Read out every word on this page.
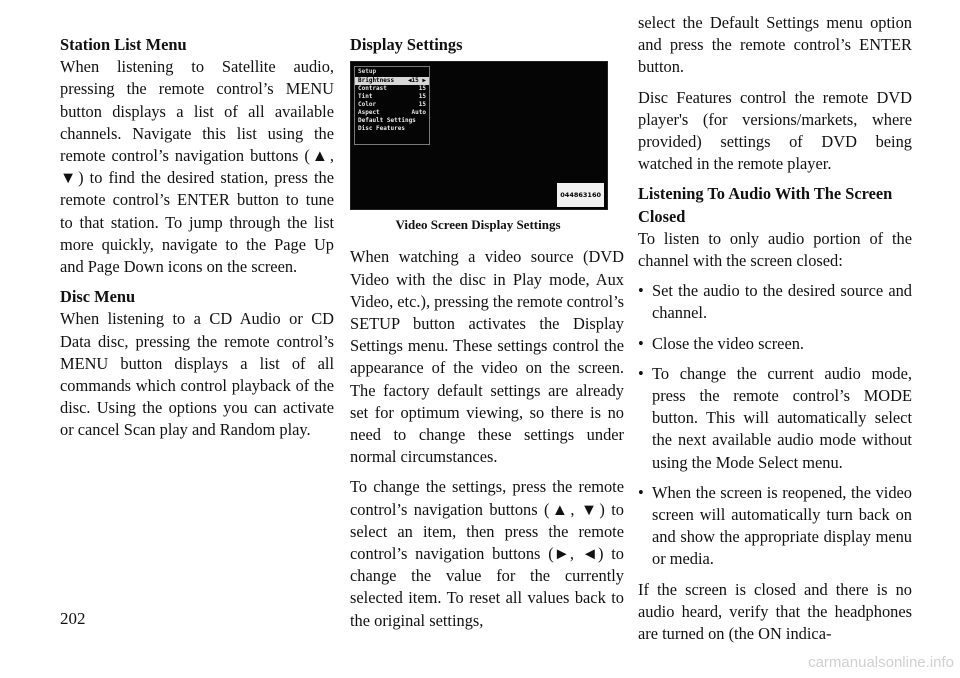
Station List Menu

When listening to Satellite audio, pressing the remote control’s MENU button displays a list of all available channels. Navigate this list using the remote control’s navigation buttons (▲, ▼) to find the desired station, press the remote control’s ENTER button to tune to that station. To jump through the list more quickly, navigate to the Page Up and Page Down icons on the screen.

Disc Menu

When listening to a CD Audio or CD Data disc, pressing the remote control’s MENU button displays a list of all commands which control playback of the disc. Using the options you can activate or cancel Scan play and Random play.

Display Settings
Setup
Brightness	◀15 ▶
Contrast	15
Tint	15
Color	15
Aspect	Auto
Default Settings
Disc Features
044863160
Video Screen Display Settings

When watching a video source (DVD Video with the disc in Play mode, Aux Video, etc.), pressing the remote control’s SETUP button activates the Display Settings menu. These settings control the appearance of the video on the screen. The factory default settings are already set for optimum viewing, so there is no need to change these settings under normal circumstances.

To change the settings, press the remote control’s navigation buttons (▲, ▼) to select an item, then press the remote control’s navigation buttons (►, ◄) to change the value for the currently selected item. To reset all values back to the original settings,

select the Default Settings menu option and press the remote control’s ENTER button.

Disc Features control the remote DVD player's (for versions/markets, where provided) settings of DVD being watched in the remote player.

Listening To Audio With The Screen Closed
To listen to only audio portion of the channel with the screen closed:
• Set the audio to the desired source and channel.
• Close the video screen.
• To change the current audio mode, press the remote control’s MODE button. This will automatically select the next available audio mode without using the Mode Select menu.
• When the screen is reopened, the video screen will automatically turn back on and show the appropriate display menu or media.

If the screen is closed and there is no audio heard, verify that the headphones are turned on (the ON indica-

202
carmanualsonline.info
